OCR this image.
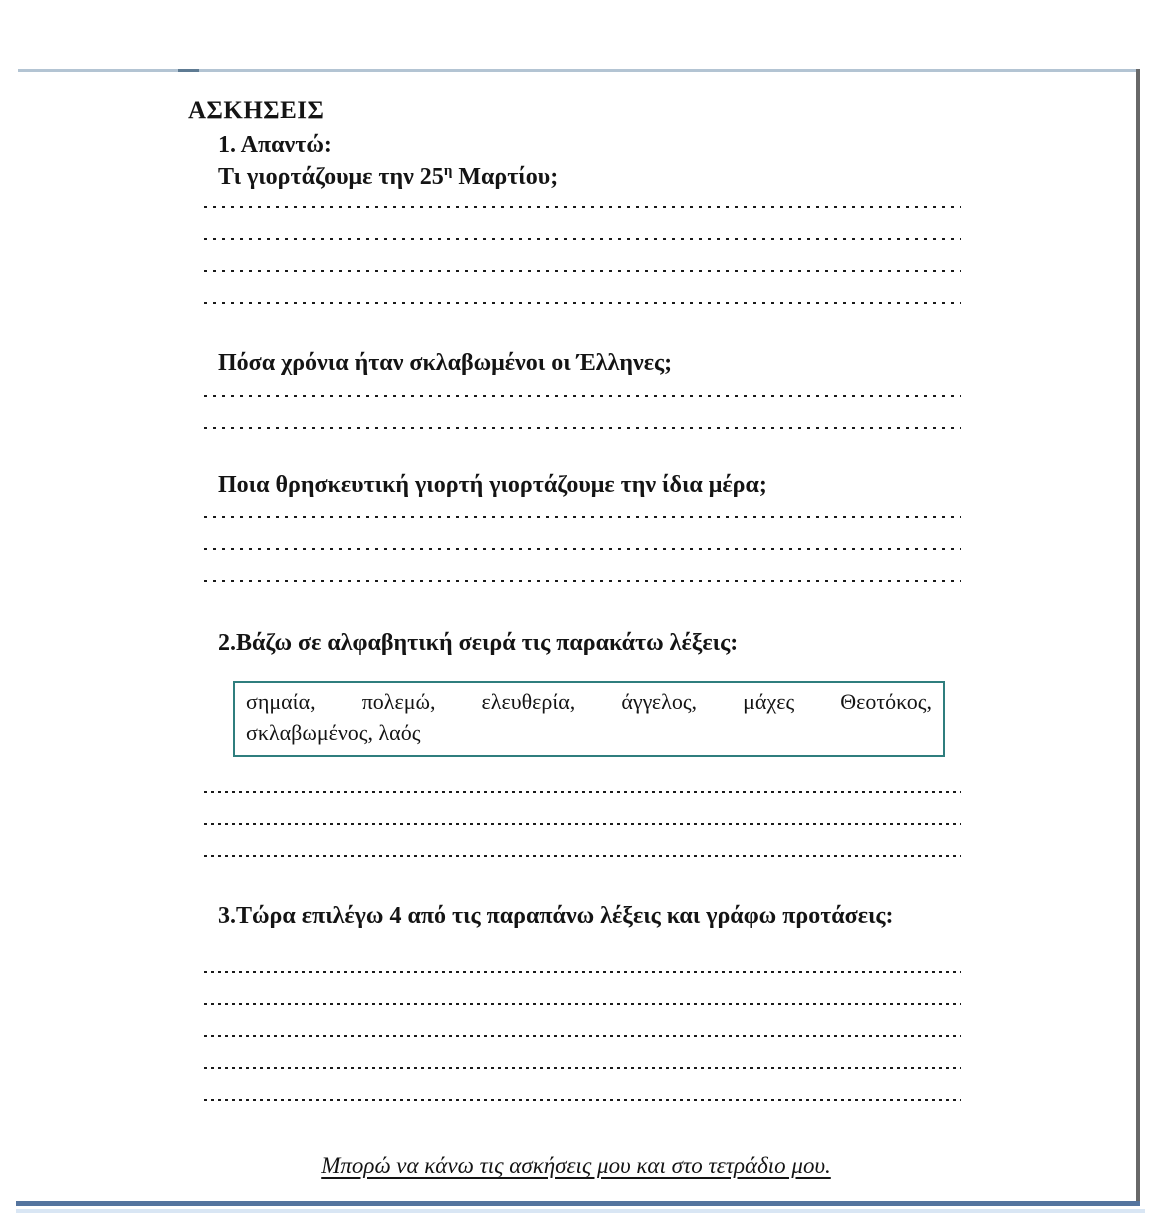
ΑΣΚΗΣΕΙΣ
1. Απαντώ:
Τι γιορτάζουμε την $25^\eta$ Μαρτίου;
Πόσα χρόνια ήταν σκλαβωμένοι οι Έλληνες;
Ποια θρησκευτική γιορτή γιορτάζουμε την ίδια μέρα;
2.Βάζω σε αλφαβητική σειρά τις παρακάτω λέξεις:
σημαία, πολεμώ, ελευθερία, άγγελος, μάχες Θεοτόκος,
σκλαβωμένος, λαός
3.Τώρα επιλέγω 4 από τις παραπάνω λέξεις και γράφω προτάσεις:
Μπορώ να κάνω τις ασκήσεις μου και στο τετράδιο μου.
